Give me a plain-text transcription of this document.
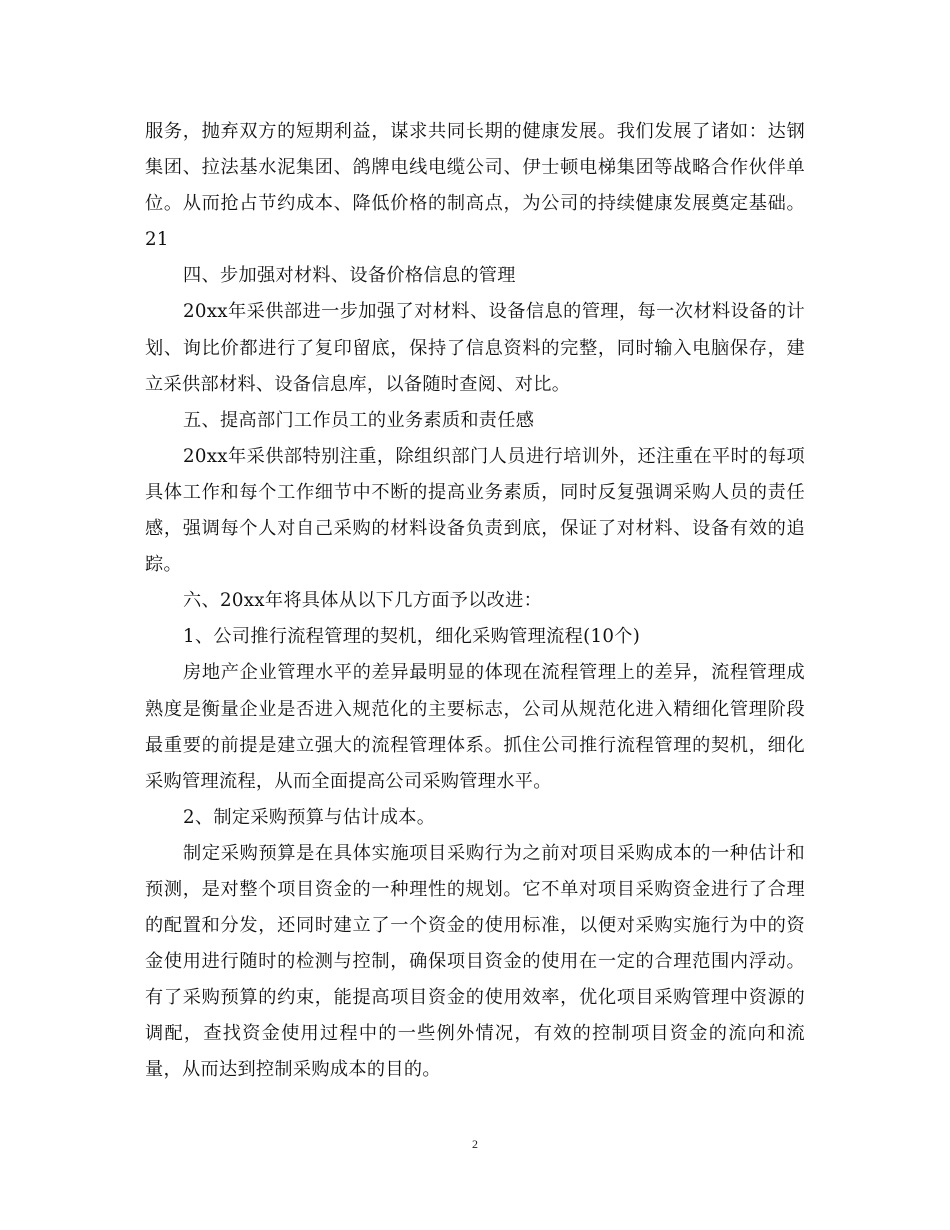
服务，抛弃双方的短期利益，谋求共同长期的健康发展。我们发展了诸如：达钢集团、拉法基水泥集团、鸽牌电线电缆公司、伊士顿电梯集团等战略合作伙伴单位。从而抢占节约成本、降低价格的制高点，为公司的持续健康发展奠定基础。21

四、步加强对材料、设备价格信息的管理

20xx年采供部进一步加强了对材料、设备信息的管理，每一次材料设备的计划、询比价都进行了复印留底，保持了信息资料的完整，同时输入电脑保存，建立采供部材料、设备信息库，以备随时查阅、对比。

五、提高部门工作员工的业务素质和责任感

20xx年采供部特别注重，除组织部门人员进行培训外，还注重在平时的每项具体工作和每个工作细节中不断的提高业务素质，同时反复强调采购人员的责任感，强调每个人对自己采购的材料设备负责到底，保证了对材料、设备有效的追踪。

六、20xx年将具体从以下几方面予以改进：

1、公司推行流程管理的契机，细化采购管理流程(10个)

房地产企业管理水平的差异最明显的体现在流程管理上的差异，流程管理成熟度是衡量企业是否进入规范化的主要标志，公司从规范化进入精细化管理阶段最重要的前提是建立强大的流程管理体系。抓住公司推行流程管理的契机，细化采购管理流程，从而全面提高公司采购管理水平。

2、制定采购预算与估计成本。

制定采购预算是在具体实施项目采购行为之前对项目采购成本的一种估计和预测，是对整个项目资金的一种理性的规划。它不单对项目采购资金进行了合理的配置和分发，还同时建立了一个资金的使用标准，以便对采购实施行为中的资金使用进行随时的检测与控制，确保项目资金的使用在一定的合理范围内浮动。有了采购预算的约束，能提高项目资金的使用效率，优化项目采购管理中资源的调配，查找资金使用过程中的一些例外情况，有效的控制项目资金的流向和流量，从而达到控制采购成本的目的。

2
